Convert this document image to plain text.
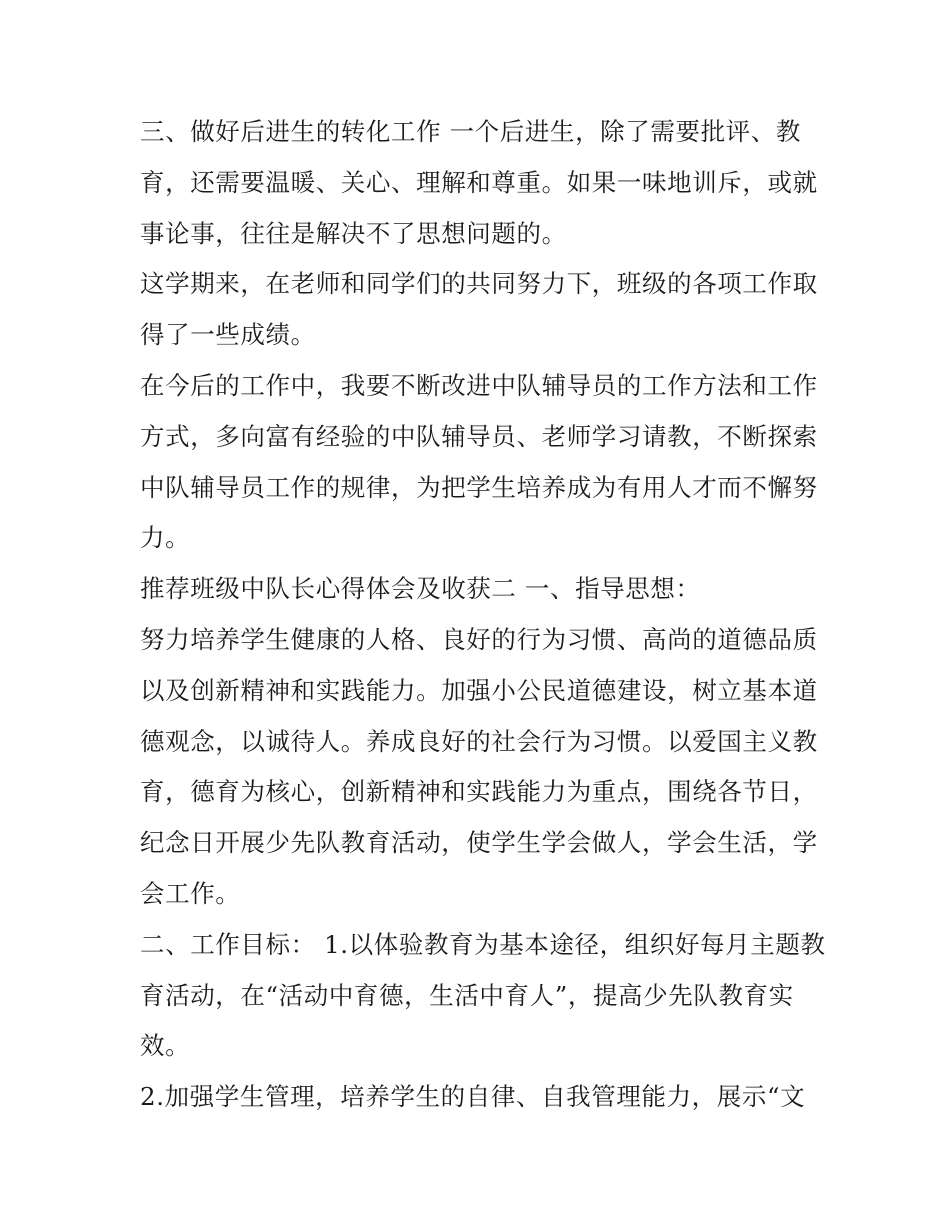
三、做好后进生的转化工作 一个后进生，除了需要批评、教
育，还需要温暖、关心、理解和尊重。如果一味地训斥，或就
事论事，往往是解决不了思想问题的。
这学期来，在老师和同学们的共同努力下，班级的各项工作取
得了一些成绩。
在今后的工作中，我要不断改进中队辅导员的工作方法和工作
方式，多向富有经验的中队辅导员、老师学习请教，不断探索
中队辅导员工作的规律，为把学生培养成为有用人才而不懈努
力。
推荐班级中队长心得体会及收获二 一、指导思想：
努力培养学生健康的人格、良好的行为习惯、高尚的道德品质
以及创新精神和实践能力。加强小公民道德建设，树立基本道
德观念，以诚待人。养成良好的社会行为习惯。以爱国主义教
育，德育为核心，创新精神和实践能力为重点，围绕各节日，
纪念日开展少先队教育活动，使学生学会做人，学会生活，学
会工作。
二、工作目标： 1.以体验教育为基本途径，组织好每月主题教
育活动，在“活动中育德，生活中育人”，提高少先队教育实
效。
2.加强学生管理，培养学生的自律、自我管理能力，展示“文
